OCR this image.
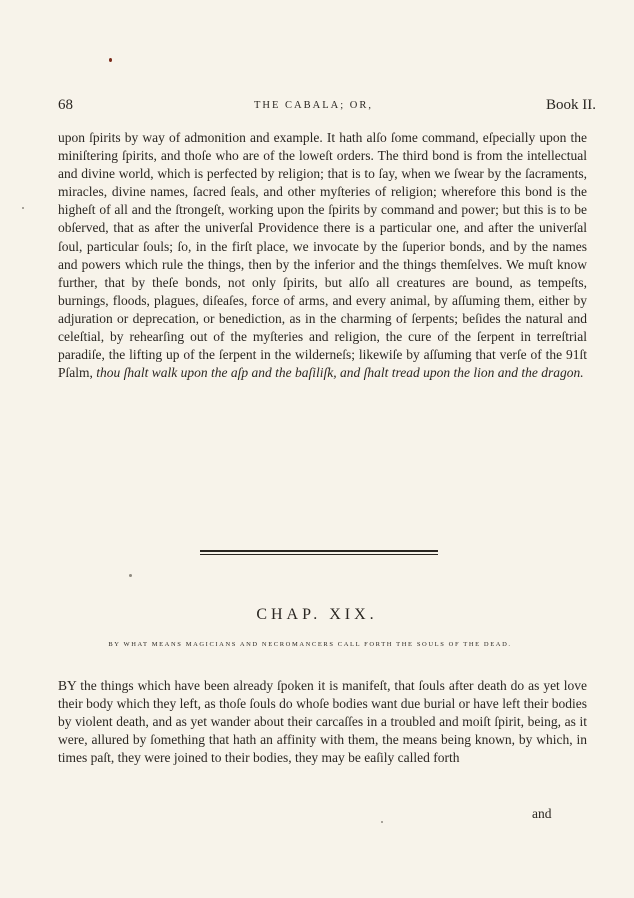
68	THE CABALA; OR,	Book II.

upon ſpirits by way of admonition and example. It hath alſo ſome command, eſpecially upon the miniſtering ſpirits, and thoſe who are of the loweſt orders. The third bond is from the intellectual and divine world, which is perfected by religion; that is to ſay, when we ſwear by the ſacraments, miracles, divine names, ſacred ſeals, and other myſteries of religion; wherefore this bond is the higheſt of all and the ſtrongeſt, working upon the ſpirits by command and power; but this is to be obſerved, that as after the univerſal Providence there is a particular one, and after the univerſal ſoul, particular ſouls; ſo, in the firſt place, we invocate by the ſuperior bonds, and by the names and powers which rule the things, then by the inferior and the things themſelves. We muſt know further, that by theſe bonds, not only ſpirits, but alſo all creatures are bound, as tempeſts, burnings, floods, plagues, diſeaſes, force of arms, and every animal, by aſſuming them, either by adjuration or deprecation, or benediction, as in the charming of ſerpents; beſides the natural and celeſtial, by rehearſing out of the myſteries and religion, the cure of the ſerpent in terreſtrial paradiſe, the lifting up of the ſerpent in the wilderneſs; likewiſe by aſſuming that verſe of the 91ſt Pſalm, thou ſhalt walk upon the aſp and the baſiliſk, and ſhalt tread upon the lion and the dragon.

CHAP. XIX.
BY WHAT MEANS MAGICIANS AND NECROMANCERS CALL FORTH THE SOULS OF THE DEAD.

BY the things which have been already ſpoken it is manifeſt, that ſouls after death do as yet love their body which they left, as thoſe ſouls do whoſe bodies want due burial or have left their bodies by violent death, and as yet wander about their carcaſſes in a troubled and moiſt ſpirit, being, as it were, allured by ſomething that hath an affinity with them, the means being known, by which, in times paſt, they were joined to their bodies, they may be eaſily called forth

and
